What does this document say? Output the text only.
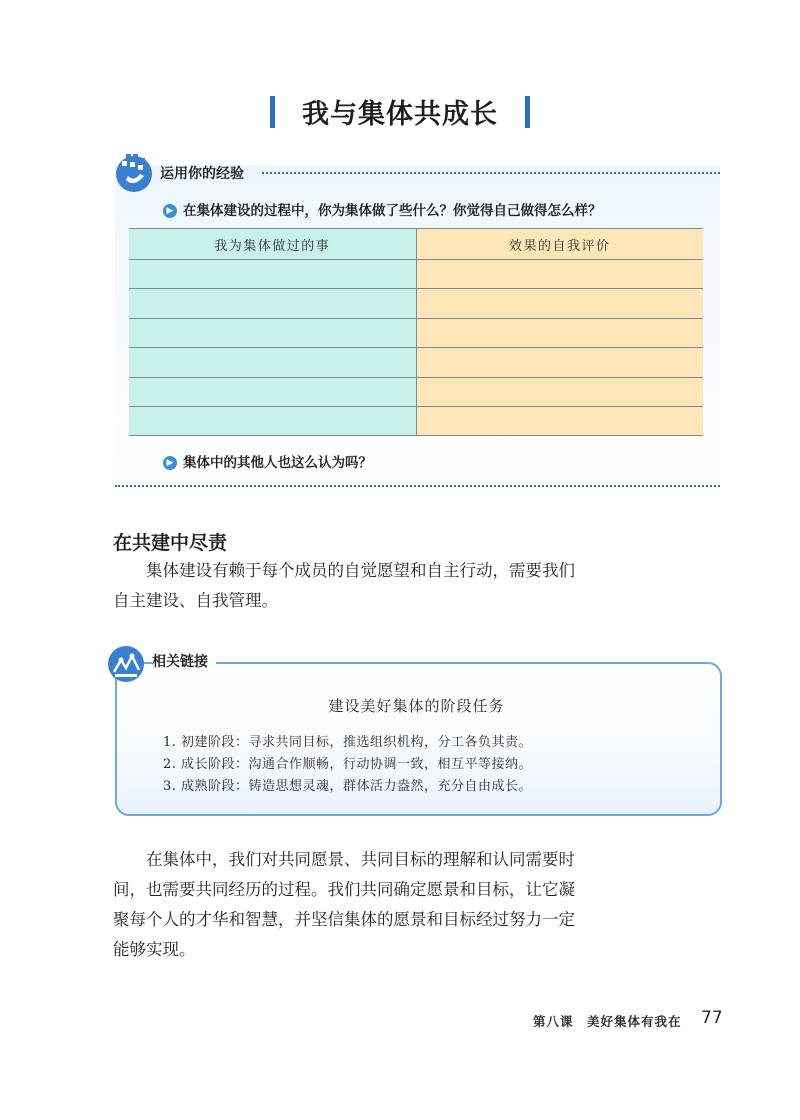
我与集体共成长
运用你的经验
▶ 在集体建设的过程中，你为集体做了些什么？你觉得自己做得怎么样？
我为集体做过的事	效果的自我评价

▶ 集体中的其他人也这么认为吗？
在共建中尽责
集体建设有赖于每个成员的自觉愿望和自主行动，需要我们自主建设、自我管理。
相关链接
建设美好集体的阶段任务
1. 初建阶段：寻求共同目标，推选组织机构，分工各负其责。
2. 成长阶段：沟通合作顺畅，行动协调一致，相互平等接纳。
3. 成熟阶段：铸造思想灵魂，群体活力盎然，充分自由成长。
在集体中，我们对共同愿景、共同目标的理解和认同需要时间，也需要共同经历的过程。我们共同确定愿景和目标，让它凝聚每个人的才华和智慧，并坚信集体的愿景和目标经过努力一定能够实现。
第八课　美好集体有我在 77
